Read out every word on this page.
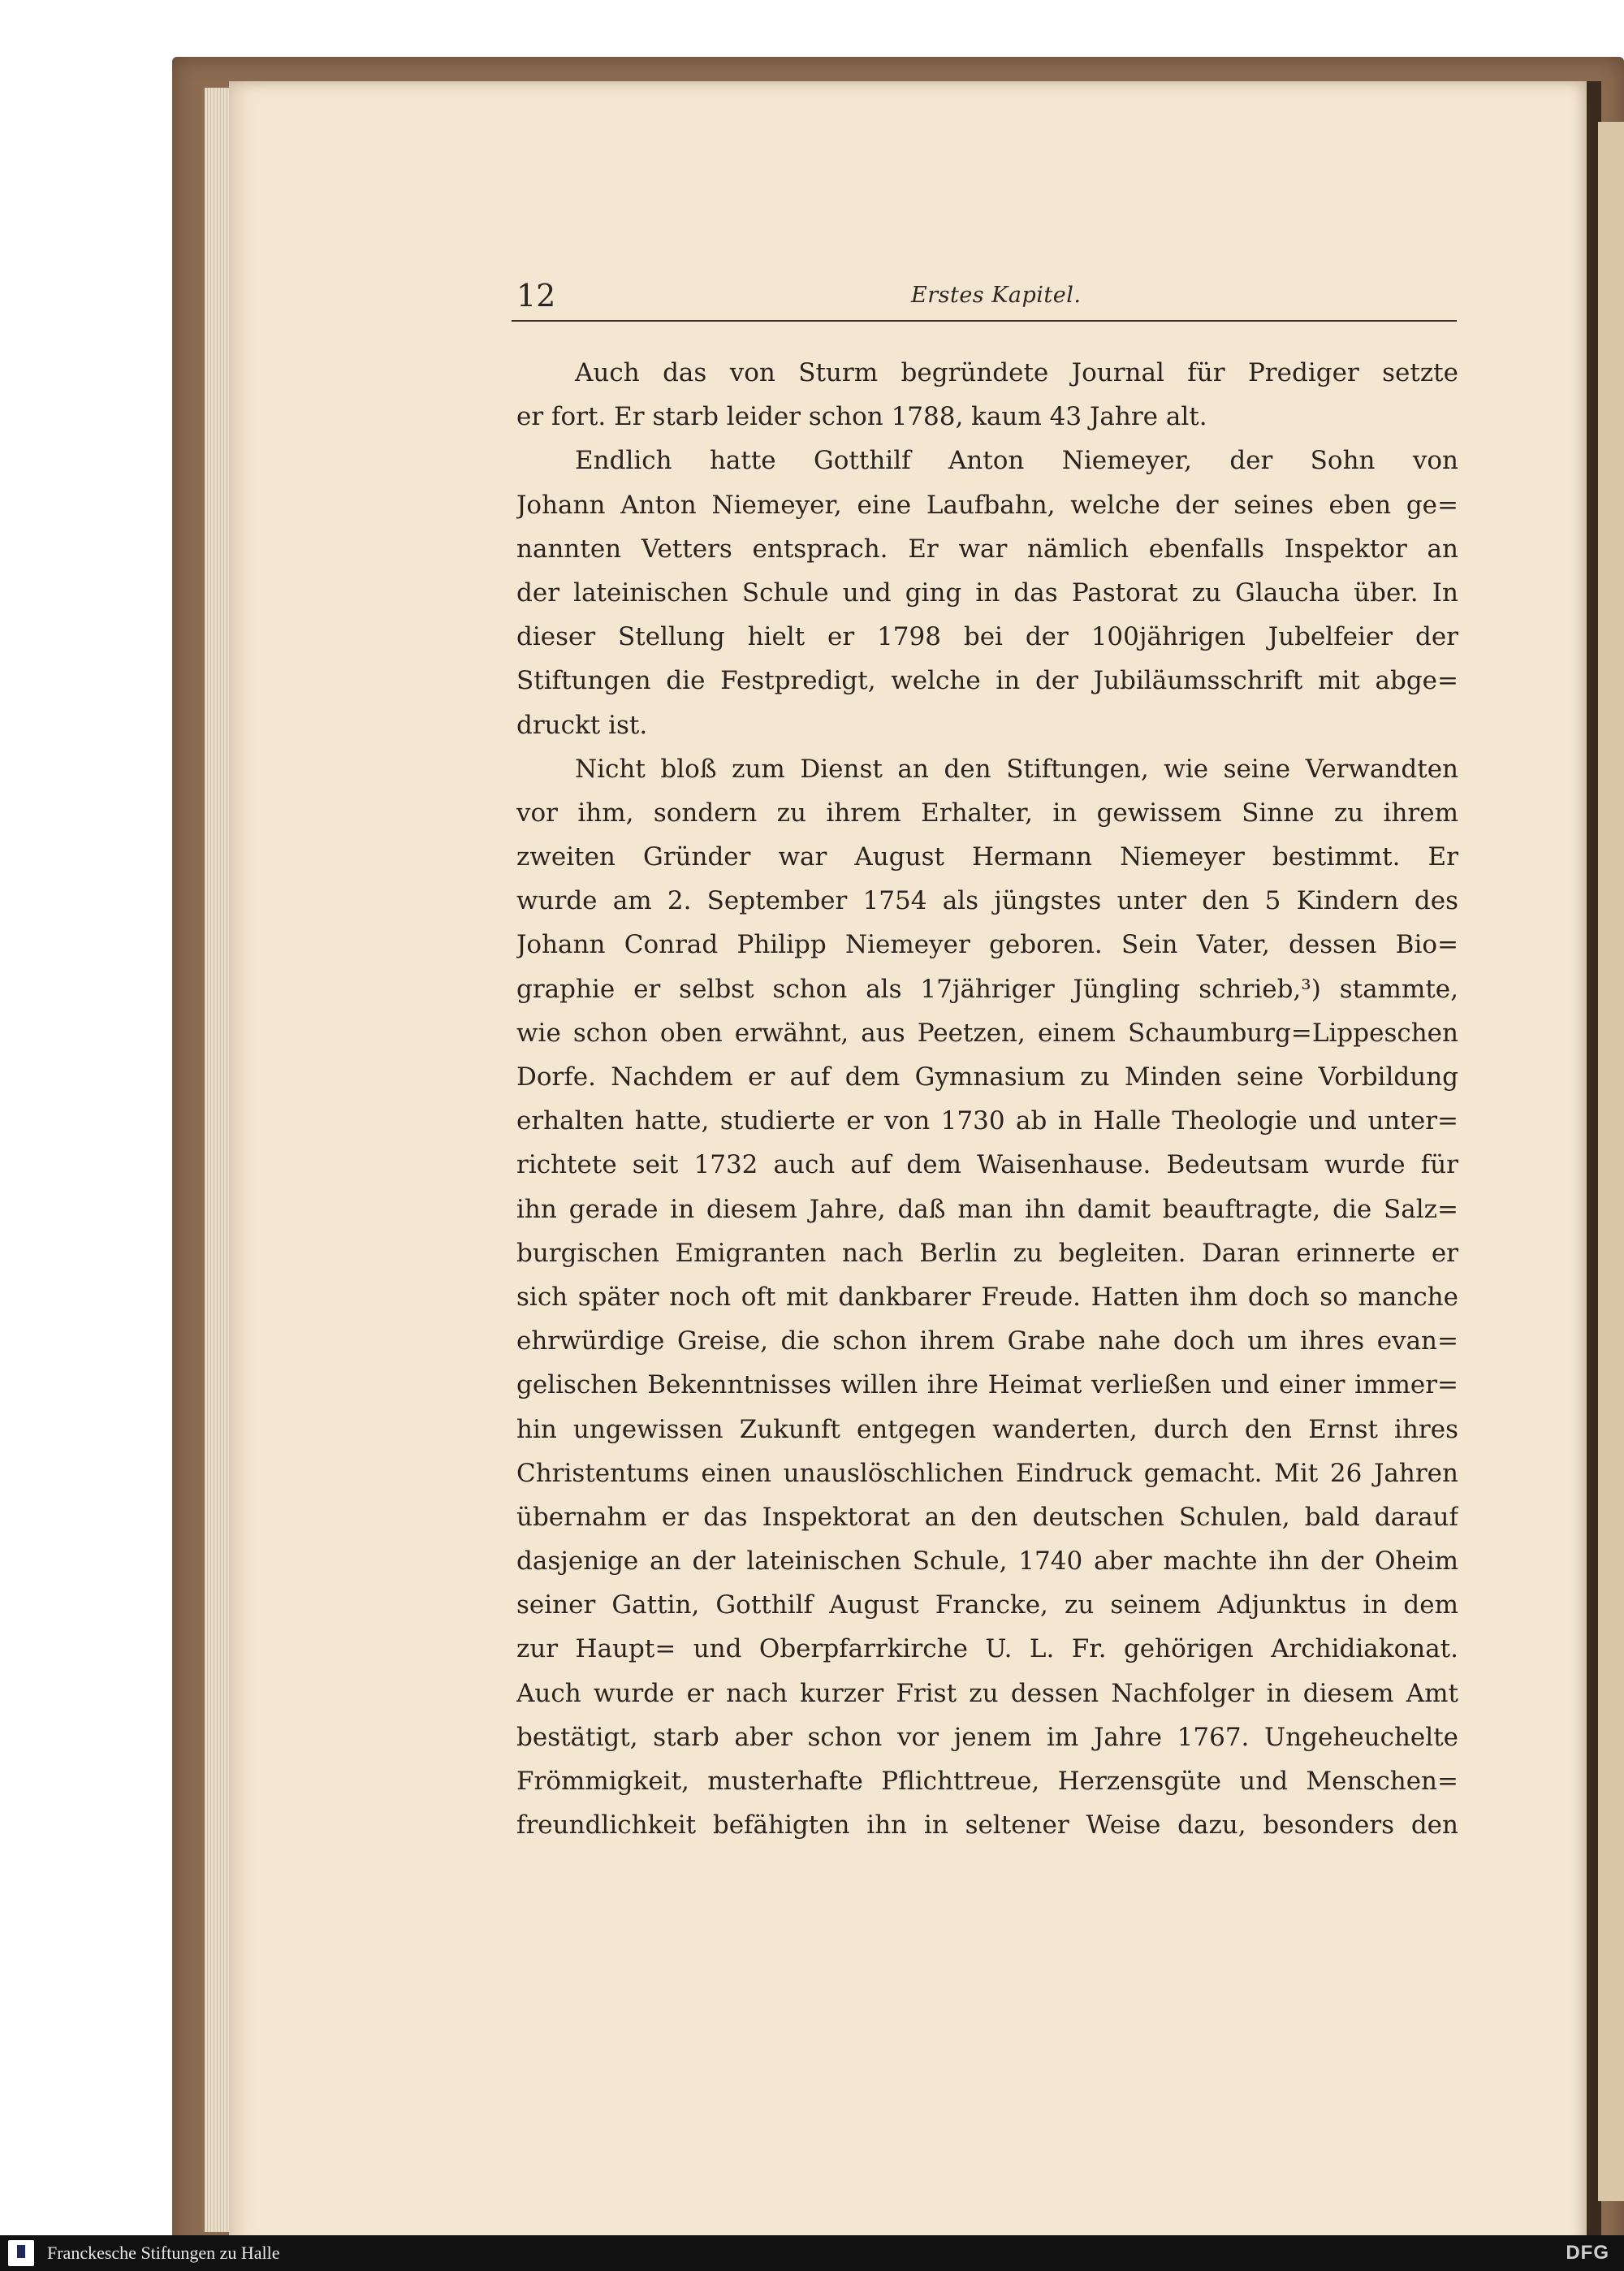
12	Erstes Kapitel.
Auch das von Sturm begründete Journal für Prediger setzte
er fort. Er starb leider schon 1788, kaum 43 Jahre alt.
Endlich hatte Gotthilf Anton Niemeyer, der Sohn von
Johann Anton Niemeyer, eine Laufbahn, welche der seines eben ge=
nannten Vetters entsprach. Er war nämlich ebenfalls Inspektor an
der lateinischen Schule und ging in das Pastorat zu Glaucha über. In
dieser Stellung hielt er 1798 bei der 100jährigen Jubelfeier der
Stiftungen die Festpredigt, welche in der Jubiläumsschrift mit abge=
druckt ist.
Nicht bloß zum Dienst an den Stiftungen, wie seine Verwandten
vor ihm, sondern zu ihrem Erhalter, in gewissem Sinne zu ihrem
zweiten Gründer war August Hermann Niemeyer bestimmt. Er
wurde am 2. September 1754 als jüngstes unter den 5 Kindern des
Johann Conrad Philipp Niemeyer geboren. Sein Vater, dessen Bio=
graphie er selbst schon als 17jähriger Jüngling schrieb,³) stammte,
wie schon oben erwähnt, aus Peetzen, einem Schaumburg=Lippeschen
Dorfe. Nachdem er auf dem Gymnasium zu Minden seine Vorbildung
erhalten hatte, studierte er von 1730 ab in Halle Theologie und unter=
richtete seit 1732 auch auf dem Waisenhause. Bedeutsam wurde für
ihn gerade in diesem Jahre, daß man ihn damit beauftragte, die Salz=
burgischen Emigranten nach Berlin zu begleiten. Daran erinnerte er
sich später noch oft mit dankbarer Freude. Hatten ihm doch so manche
ehrwürdige Greise, die schon ihrem Grabe nahe doch um ihres evan=
gelischen Bekenntnisses willen ihre Heimat verließen und einer immer=
hin ungewissen Zukunft entgegen wanderten, durch den Ernst ihres
Christentums einen unauslöschlichen Eindruck gemacht. Mit 26 Jahren
übernahm er das Inspektorat an den deutschen Schulen, bald darauf
dasjenige an der lateinischen Schule, 1740 aber machte ihn der Oheim
seiner Gattin, Gotthilf August Francke, zu seinem Adjunktus in dem
zur Haupt= und Oberpfarrkirche U. L. Fr. gehörigen Archidiakonat.
Auch wurde er nach kurzer Frist zu dessen Nachfolger in diesem Amt
bestätigt, starb aber schon vor jenem im Jahre 1767. Ungeheuchelte
Frömmigkeit, musterhafte Pflichttreue, Herzensgüte und Menschen=
freundlichkeit befähigten ihn in seltener Weise dazu, besonders den
Franckesche Stiftungen zu Halle	DFG
